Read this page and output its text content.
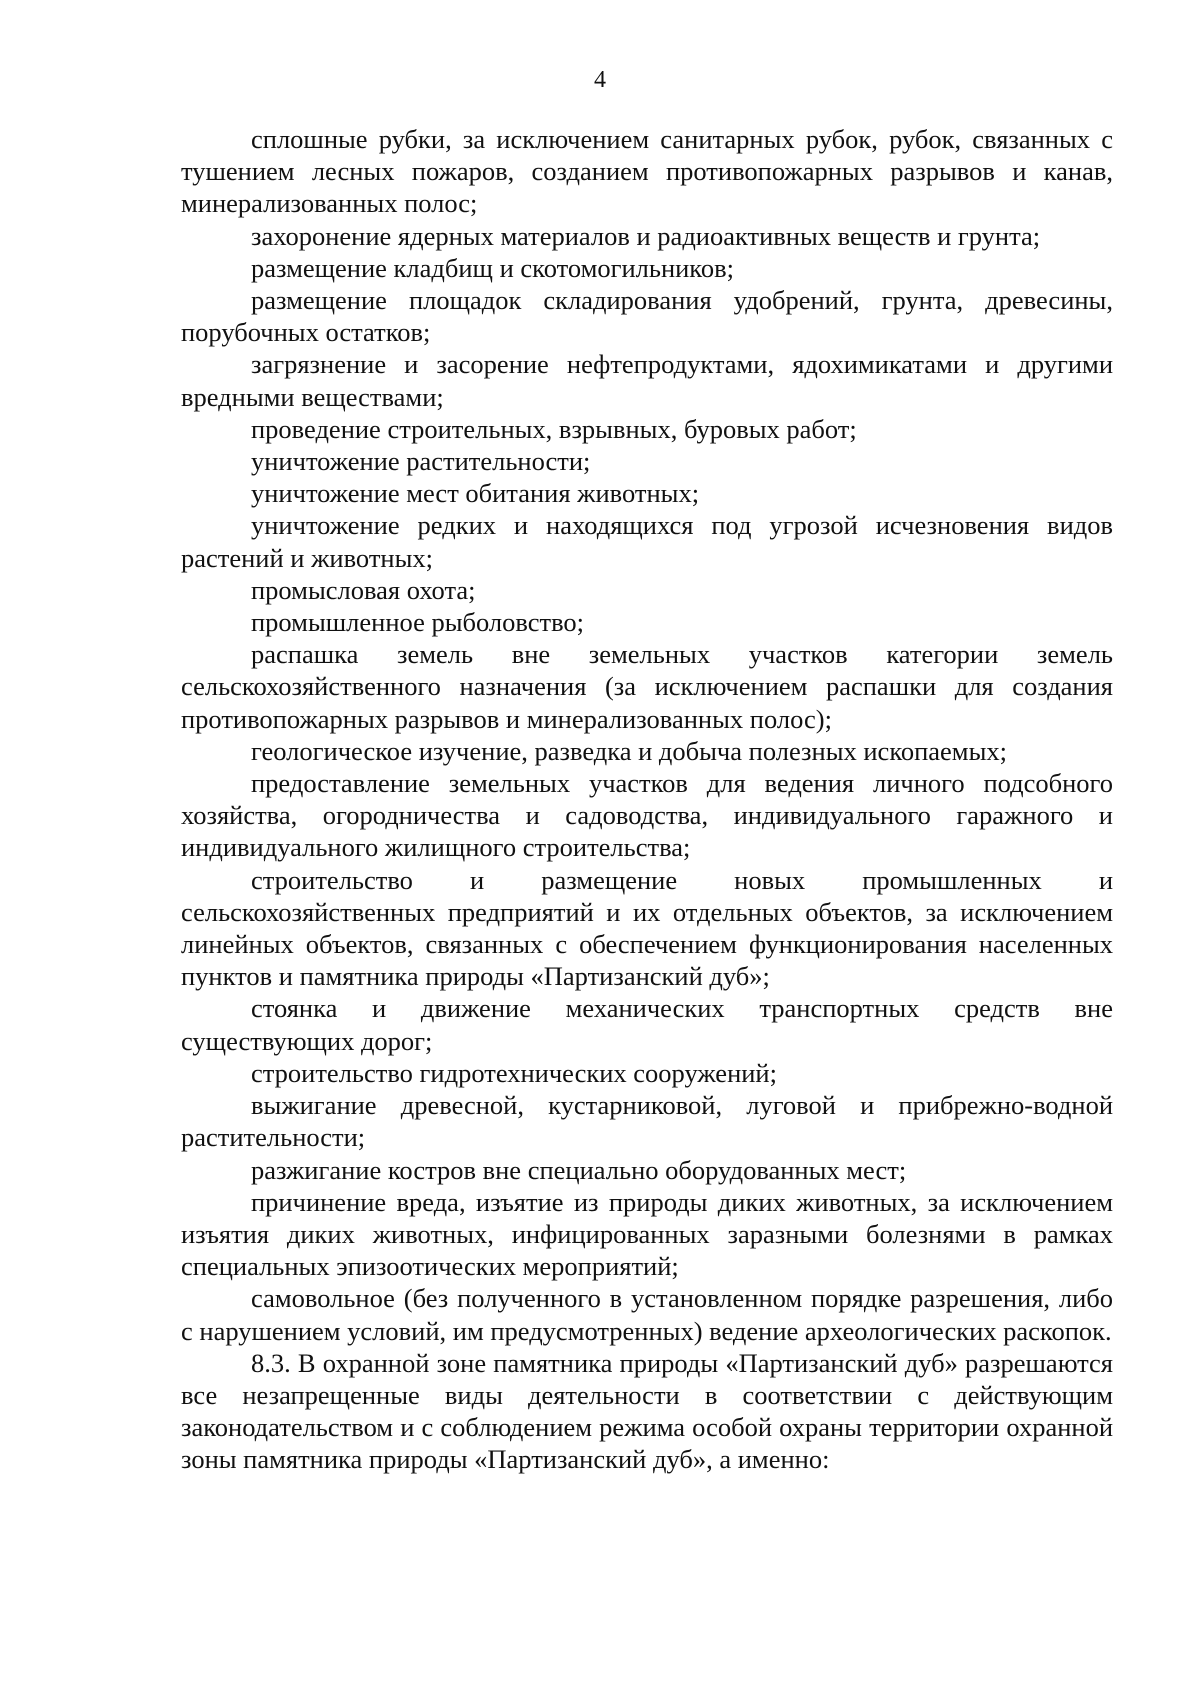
4

сплошные рубки, за исключением санитарных рубок, рубок, связанных с тушением лесных пожаров, созданием противопожарных разрывов и канав, минерализованных полос;

захоронение ядерных материалов и радиоактивных веществ и грунта;

размещение кладбищ и скотомогильников;

размещение площадок складирования удобрений, грунта, древесины, порубочных остатков;

загрязнение и засорение нефтепродуктами, ядохимикатами и другими вредными веществами;

проведение строительных, взрывных, буровых работ;

уничтожение растительности;

уничтожение мест обитания животных;

уничтожение редких и находящихся под угрозой исчезновения видов растений и животных;

промысловая охота;

промышленное рыболовство;

распашка земель вне земельных участков категории земель сельскохозяйственного назначения (за исключением распашки для создания противопожарных разрывов и минерализованных полос);

геологическое изучение, разведка и добыча полезных ископаемых;

предоставление земельных участков для ведения личного подсобного хозяйства, огородничества и садоводства, индивидуального гаражного и индивидуального жилищного строительства;

строительство и размещение новых промышленных и сельскохозяйственных предприятий и их отдельных объектов, за исключением линейных объектов, связанных с обеспечением функционирования населенных пунктов и памятника природы «Партизанский дуб»;

стоянка и движение механических транспортных средств вне существующих дорог;

строительство гидротехнических сооружений;

выжигание древесной, кустарниковой, луговой и прибрежно-водной растительности;

разжигание костров вне специально оборудованных мест;

причинение вреда, изъятие из природы диких животных, за исключением изъятия диких животных, инфицированных заразными болезнями в рамках специальных эпизоотических мероприятий;

самовольное (без полученного в установленном порядке разрешения, либо с нарушением условий, им предусмотренных) ведение археологических раскопок.

8.3. В охранной зоне памятника природы «Партизанский дуб» разрешаются все незапрещенные виды деятельности в соответствии с действующим законодательством и с соблюдением режима особой охраны территории охранной зоны памятника природы «Партизанский дуб», а именно:
